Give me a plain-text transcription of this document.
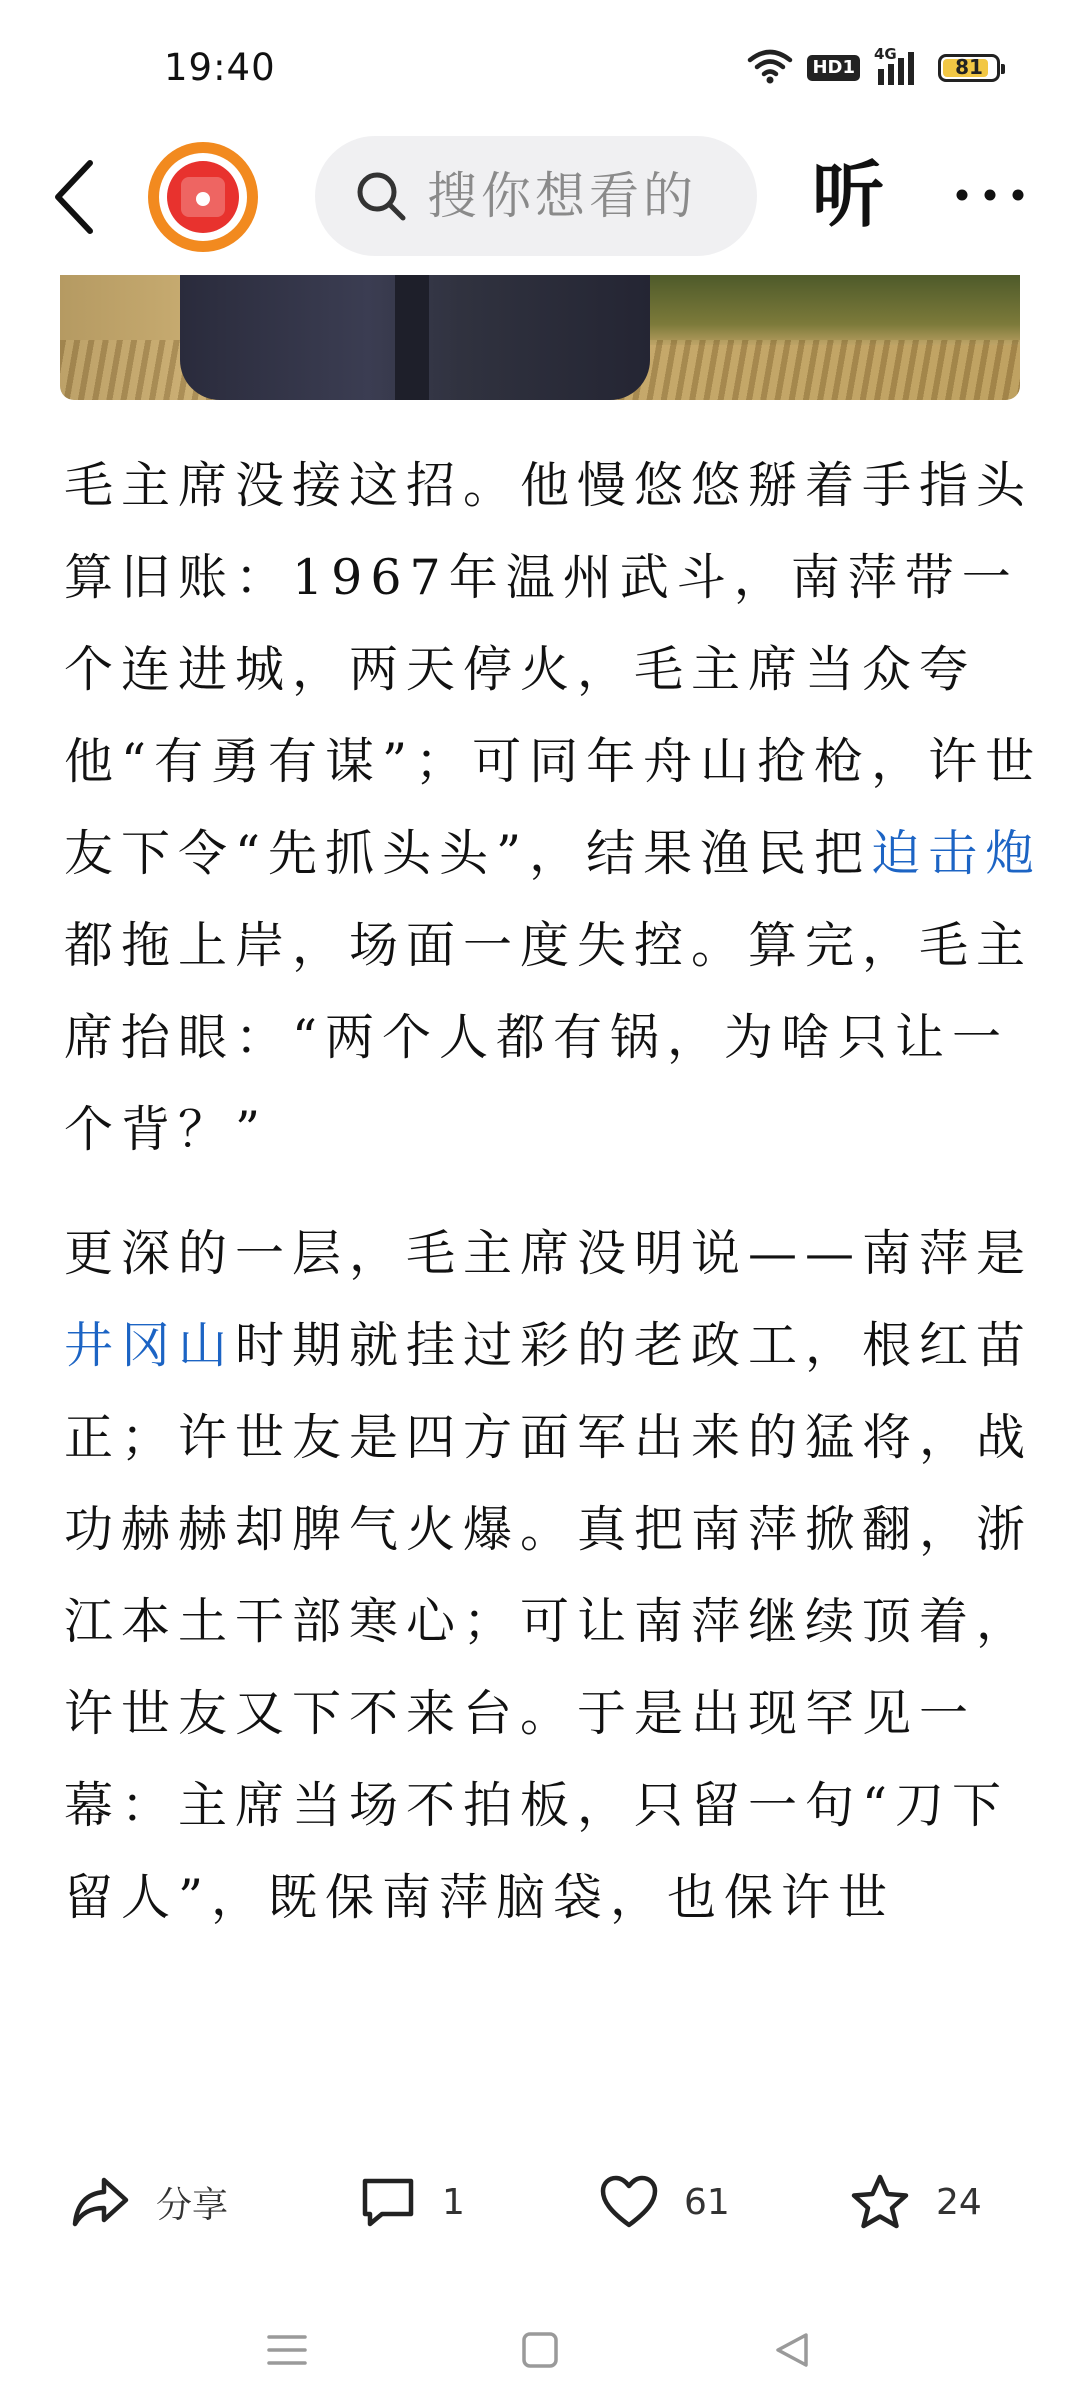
19:40	HD1
4G
81
搜你想看的
听

毛主席没接这招。他慢悠悠掰着手指头算旧账：1967年温州武斗，南萍带一个连进城，两天停火，毛主席当众夸他“有勇有谋”；可同年舟山抢枪，许世友下令“先抓头头”，结果渔民把迫击炮都拖上岸，场面一度失控。算完，毛主席抬眼：“两个人都有锅，为啥只让一个背？”

更深的一层，毛主席没明说——南萍是井冈山时期就挂过彩的老政工，根红苗正；许世友是四方面军出来的猛将，战功赫赫却脾气火爆。真把南萍掀翻，浙江本土干部寒心；可让南萍继续顶着，许世友又下不来台。于是出现罕见一幕：主席当场不拍板，只留一句“刀下留人”，既保南萍脑袋，也保许世

分享	1	61	24
